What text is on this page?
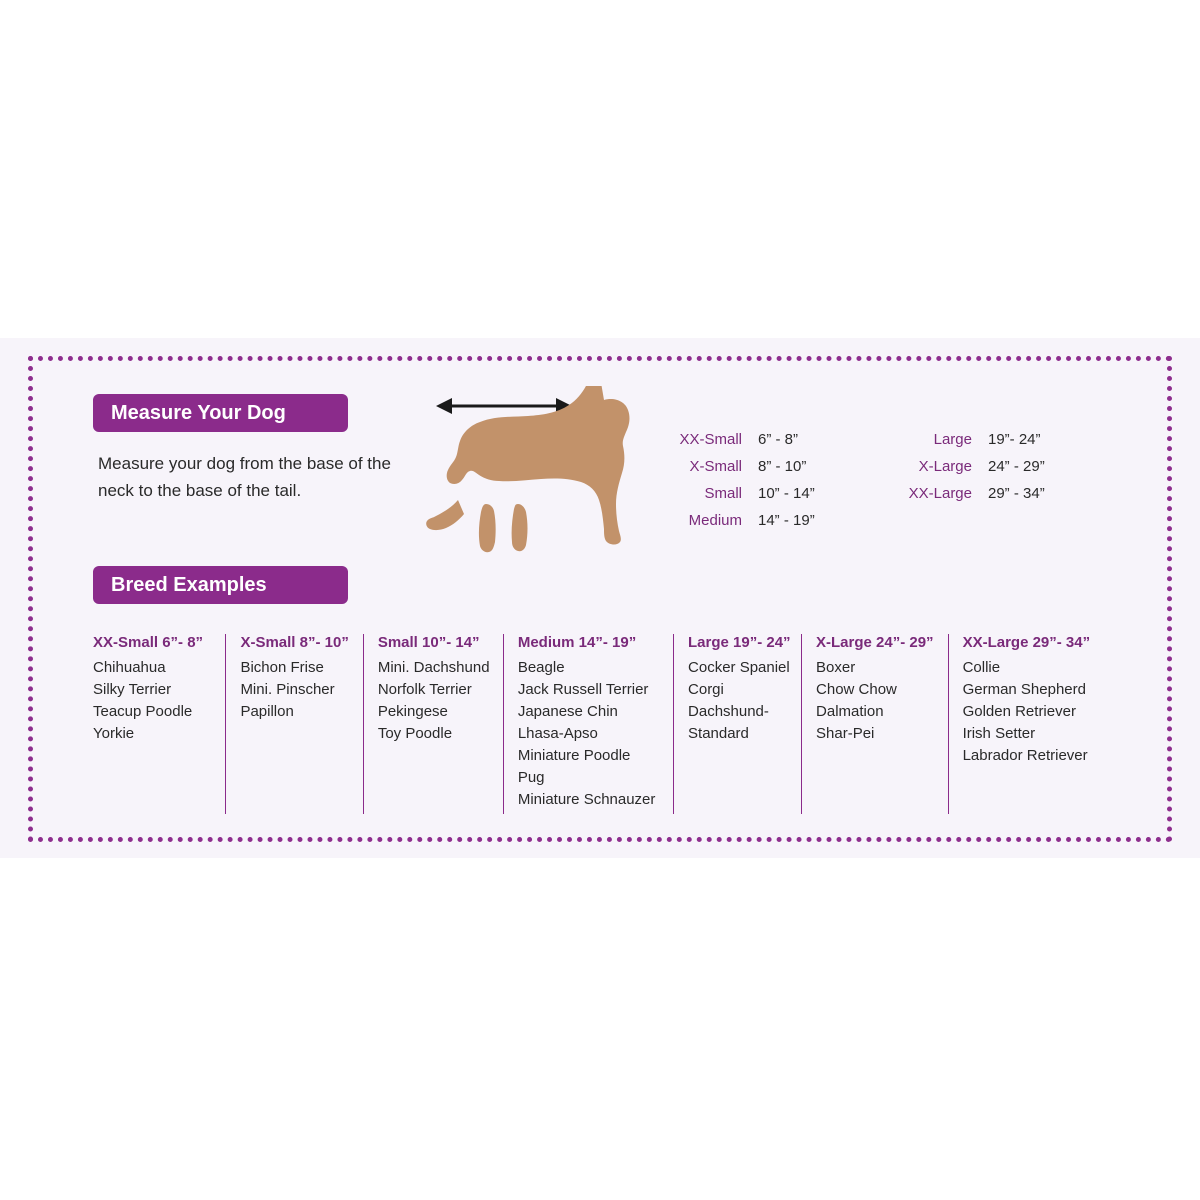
Measure Your Dog
Measure your dog from the base of the neck to the base of the tail.
XX-Small	6” - 8”
X-Small	8” - 10”
Small	10” - 14”
Medium	14” - 19”
Large	19”- 24”
X-Large	24” - 29”
XX-Large	29” - 34”
Breed Examples
XX-Small 6”- 8”
Chihuahua
Silky Terrier
Teacup Poodle
Yorkie
X-Small 8”- 10”
Bichon Frise
Mini. Pinscher
Papillon
Small 10”- 14”
Mini. Dachshund
Norfolk Terrier
Pekingese
Toy Poodle
Medium 14”- 19”
Beagle
Jack Russell Terrier
Japanese Chin
Lhasa-Apso
Miniature Poodle
Pug
Miniature Schnauzer
Large 19”- 24”
Cocker Spaniel
Corgi
Dachshund-
Standard
X-Large 24”- 29”
Boxer
Chow Chow
Dalmation
Shar-Pei
XX-Large 29”- 34”
Collie
German Shepherd
Golden Retriever
Irish Setter
Labrador Retriever
